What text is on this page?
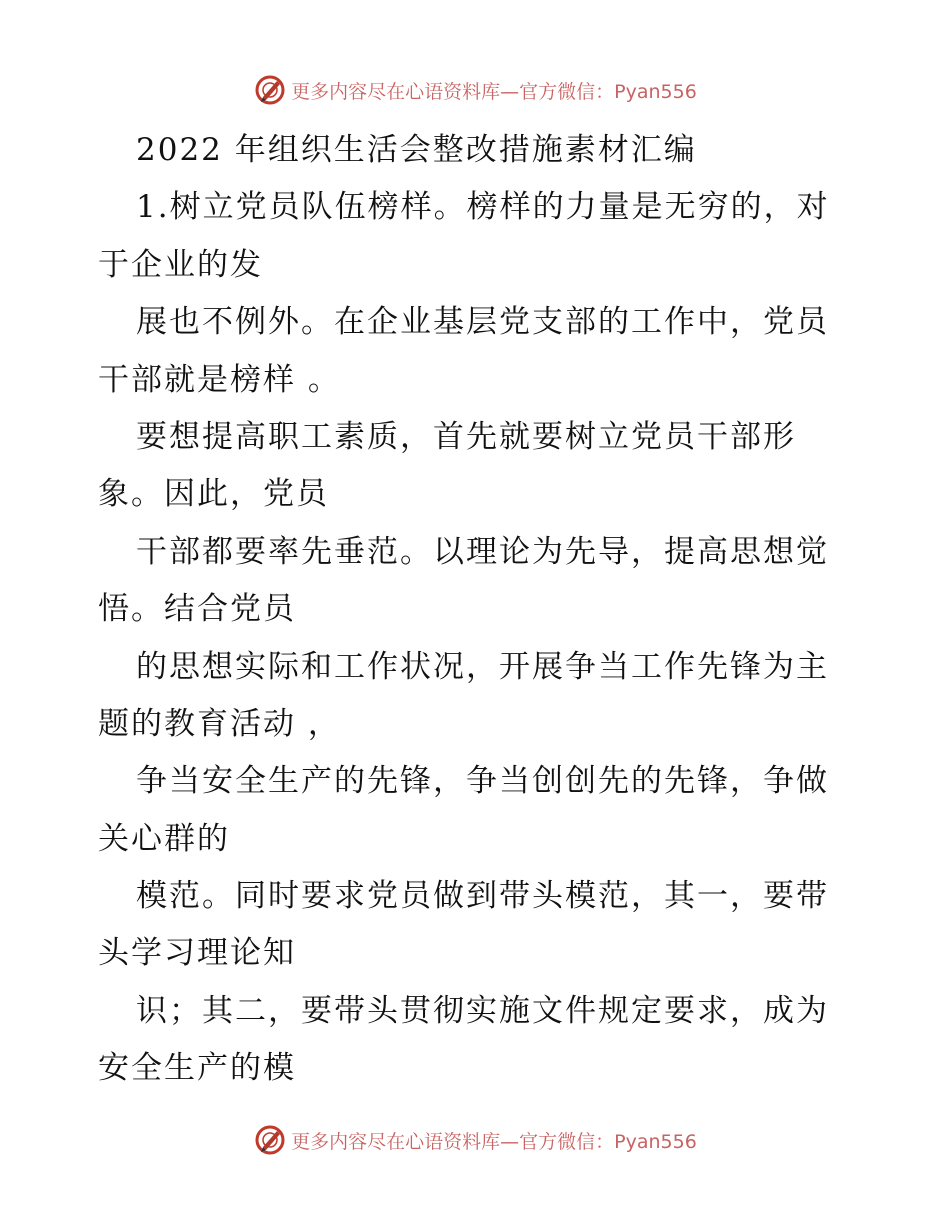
更多内容尽在心语资料库—官方微信：Pyan556
2022 年组织生活会整改措施素材汇编
1.树立党员队伍榜样。榜样的力量是无穷的，对
于企业的发
展也不例外。在企业基层党支部的工作中，党员
干部就是榜样 。
要想提高职工素质，首先就要树立党员干部形
象。因此，党员
干部都要率先垂范。以理论为先导，提高思想觉
悟。结合党员
的思想实际和工作状况，开展争当工作先锋为主
题的教育活动 ，
争当安全生产的先锋，争当创创先的先锋，争做
关心群的
模范。同时要求党员做到带头模范，其一，要带
头学习理论知
识；其二，要带头贯彻实施文件规定要求，成为
安全生产的模
更多内容尽在心语资料库—官方微信：Pyan556
